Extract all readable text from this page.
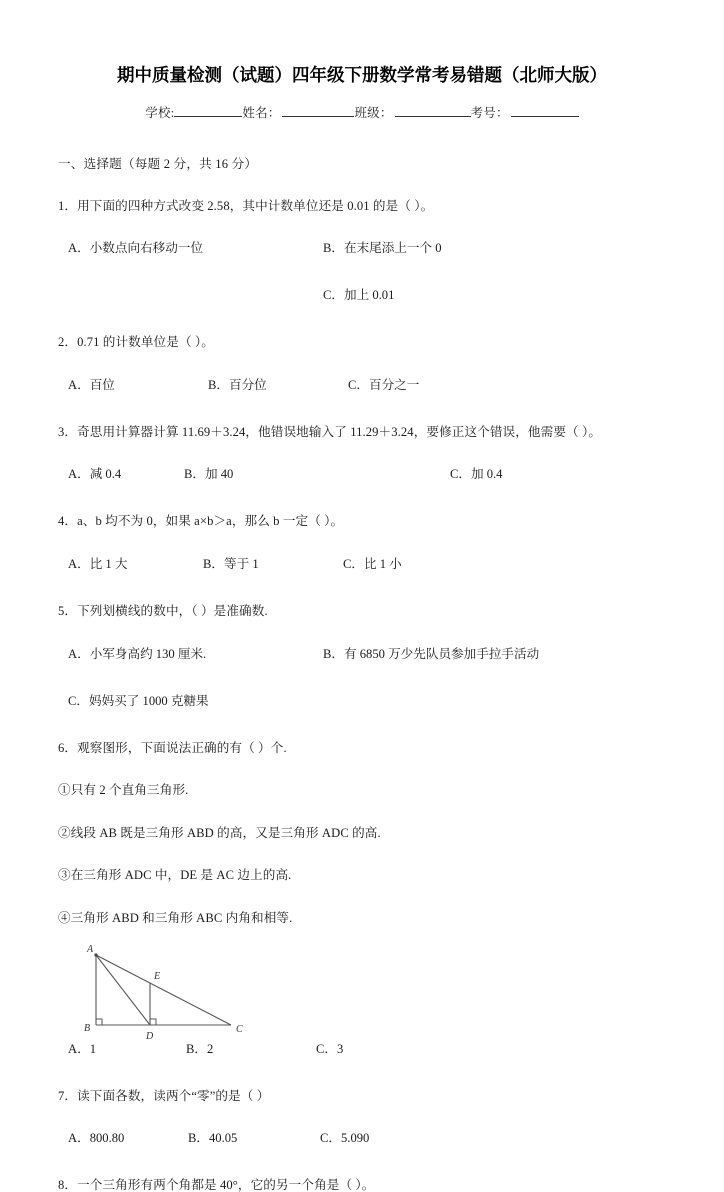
期中质量检测（试题）四年级下册数学常考易错题（北师大版）
学校:	姓名：	班级：	考号：
一、选择题（每题 2 分，共 16 分）
1．用下面的四种方式改变 2.58，其中计数单位还是 0.01 的是（ ）。
A．小数点向右移动一位	B．在末尾添上一个 0
C．加上 0.01
2．0.71 的计数单位是（ ）。
A．百位	B．百分位	C．百分之一
3．奇思用计算器计算 11.69＋3.24，他错误地输入了 11.29＋3.24，要修正这个错误，他需要（ ）。
A．减 0.4	B．加 40	C．加 0.4
4．a、b 均不为 0，如果 a×b＞a，那么 b 一定（ ）。
A．比 1 大	B．等于 1	C．比 1 小
5．下列划横线的数中，（ ）是准确数.
A．小军身高约 130 厘米.	B．有 6850 万少先队员参加手拉手活动
C．妈妈买了 1000 克糖果
6．观察图形，下面说法正确的有（ ）个.
①只有 2 个直角三角形.
②线段 AB 既是三角形 ABD 的高，又是三角形 ADC 的高.
③在三角形 ADC 中，DE 是 AC 边上的高.
④三角形 ABD 和三角形 ABC 内角和相等.
A
B	C
D
E
A．1	B．2	C．3
7．读下面各数，读两个“零”的是（ ）
A．800.80	B．40.05	C．5.090
8．一个三角形有两个角都是 40°，它的另一个角是（ ）。
